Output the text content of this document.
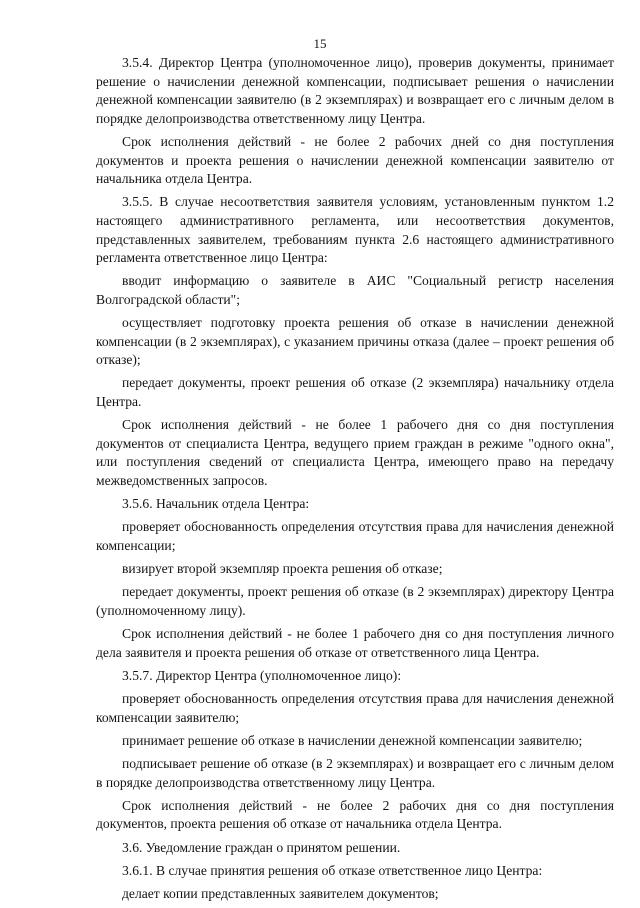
15

3.5.4. Директор Центра (уполномоченное лицо), проверив документы, принимает решение о начислении денежной компенсации, подписывает решения о начислении денежной компенсации заявителю (в 2 экземплярах) и возвращает его с личным делом в порядке делопроизводства ответственному лицу Центра.

Срок исполнения действий - не более 2 рабочих дней со дня поступления документов и проекта решения о начислении денежной компенсации заявителю от начальника отдела Центра.

3.5.5. В случае несоответствия заявителя условиям, установленным пунктом 1.2 настоящего административного регламента, или несоответствия документов, представленных заявителем, требованиям пункта 2.6 настоящего административного регламента ответственное лицо Центра:

вводит информацию о заявителе в АИС "Социальный регистр населения Волгоградской области";

осуществляет подготовку проекта решения об отказе в начислении денежной компенсации (в 2 экземплярах), с указанием причины отказа (далее – проект решения об отказе);

передает документы, проект решения об отказе (2 экземпляра) начальнику отдела Центра.

Срок исполнения действий - не более 1 рабочего дня со дня поступления документов от специалиста Центра, ведущего прием граждан в режиме "одного окна", или поступления сведений от специалиста Центра, имеющего право на передачу межведомственных запросов.

3.5.6. Начальник отдела Центра:

проверяет обоснованность определения отсутствия права для начисления денежной компенсации;

визирует второй экземпляр проекта решения об отказе;

передает документы, проект решения об отказе (в 2 экземплярах) директору Центра (уполномоченному лицу).

Срок исполнения действий - не более 1 рабочего дня со дня поступления личного дела заявителя и проекта решения об отказе от ответственного лица Центра.

3.5.7. Директор Центра (уполномоченное лицо):

проверяет обоснованность определения отсутствия права для начисления денежной компенсации заявителю;

принимает решение об отказе в начислении денежной компенсации заявителю;

подписывает решение об отказе (в 2 экземплярах) и возвращает его с личным делом в порядке делопроизводства ответственному лицу Центра.

Срок исполнения действий - не более 2 рабочих дня со дня поступления документов, проекта решения об отказе от начальника отдела Центра.

3.6. Уведомление граждан о принятом решении.

3.6.1. В случае принятия решения об отказе ответственное лицо Центра:

делает копии представленных заявителем документов;
